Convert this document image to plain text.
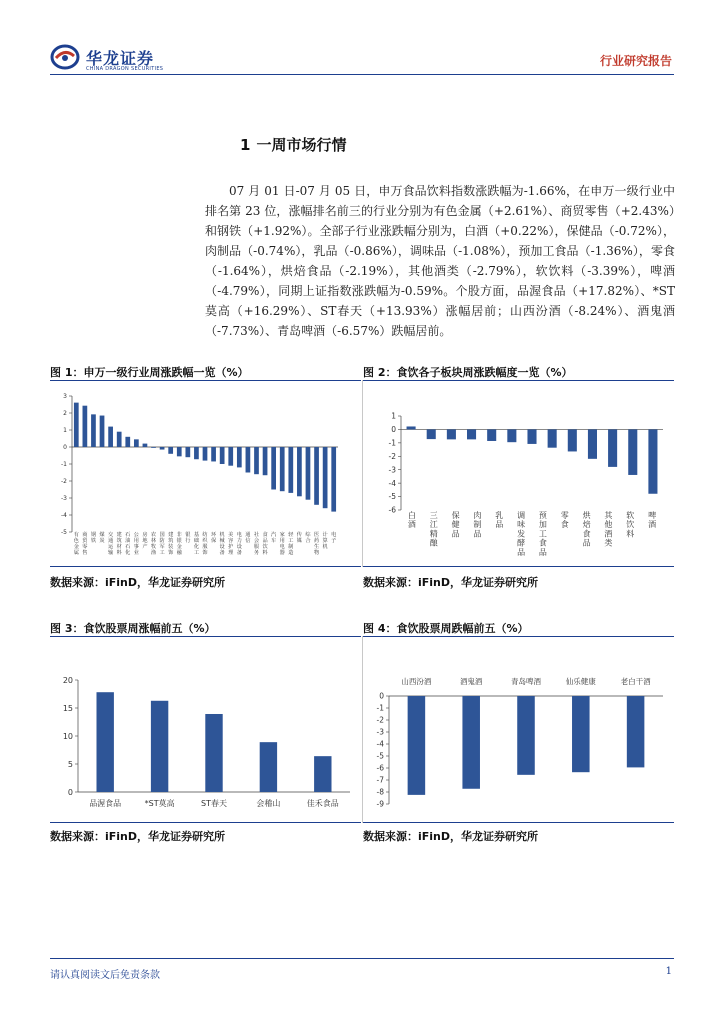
华龙证券
CHINA DRAGON SECURITIES
行业研究报告
1 一周市场行情
07 月 01 日-07 月 05 日，申万食品饮料指数涨跌幅为-1.66%，在申万一级行业中排名第 23 位，涨幅排名前三的行业分别为有色金属（+2.61%）、商贸零售（+2.43%）和钢铁（+1.92%）。全部子行业涨跌幅分别为，白酒（+0.22%），保健品（-0.72%），肉制品（-0.74%），乳品（-0.86%），调味品（-1.08%），预加工食品（-1.36%），零食（-1.64%），烘焙食品（-2.19%），其他酒类（-2.79%），软饮料（-3.39%），啤酒（-4.79%），同期上证指数涨跌幅为-0.59%。个股方面，品渥食品（+17.82%）、*ST莫高（+16.29%）、ST春天（+13.93%）涨幅居前；山西汾酒（-8.24%）、酒鬼酒（-7.73%）、青岛啤酒（-6.57%）跌幅居前。
图 1：申万一级行业周涨跌幅一览（%）
3
2
1
0
-1
-2
-3
-4
-5 有色金属
商贸零售
钢铁
煤炭
交通运输
建筑材料
石油石化
公用事业
房地产
农林牧渔
国防军工
建筑装饰
非银金融
银行
基础化工
纺织服饰
环保
机械设备
美容护理
电力设备
通信
社会服务
食品饮料
汽车
家用电器
轻工制造
传媒
综合
医药生物
计算机
电子
数据来源：iFinD，华龙证券研究所
图 2：食饮各子板块周涨跌幅度一览（%）
1
0
-1
-2
-3
-4
-5
-6
白酒
三江精酿
保健品
肉制品
乳品
调味发酵品
预加工食品
零食
烘焙食品
其他酒类
软饮料
啤酒
数据来源：iFinD，华龙证券研究所
图 3：食饮股票周涨幅前五（%）
20
15
10
5
0
品渥食品	*ST莫高	ST春天	会稽山	佳禾食品
数据来源：iFinD，华龙证券研究所
图 4：食饮股票周跌幅前五（%）
0
-1
-2
-3
-4
-5
-6
-7
-8
-9
山西汾酒	酒鬼酒	青岛啤酒	仙乐健康	老白干酒
数据来源：iFinD，华龙证券研究所
请认真阅读文后免责条款	1
